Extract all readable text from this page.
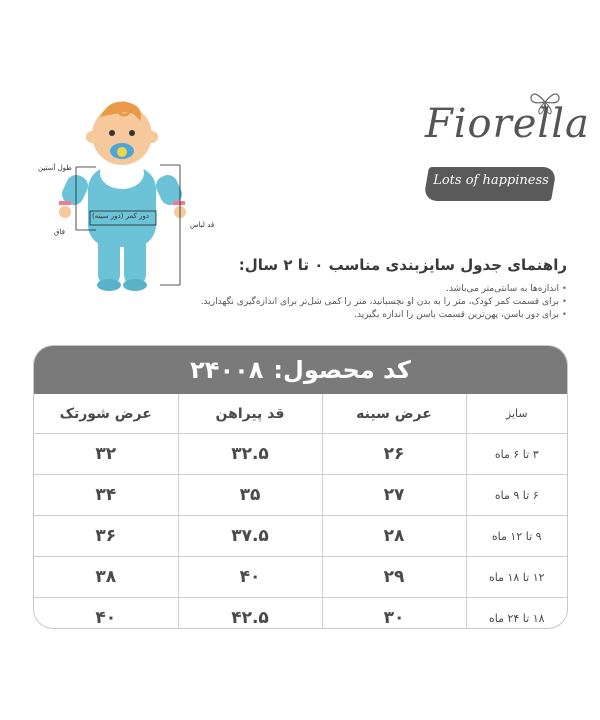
طول آستین
قد لباس
دور کمر (دور سینه)
فاق
Fiorella
Lots of happiness
راهنمای جدول سایزبندی مناسب ۰ تا ۲ سال:
• اندازه‌ها به سانتی‌متر می‌باشد.
• برای قسمت کمر کودک، متر را به بدن او نچسبانید، متر را کمی شل‌تر برای اندازه‌گیری نگهدارید.
• برای دور باسن، پهن‌ترین قسمت باسن را اندازه بگیرید.
کد محصول:
۲۴۰۰۸
سایز	عرض سینه	قد پیراهن	عرض شورتک
۳ تا ۶ ماه	۲۶	۳۲.۵	۳۲
۶ تا ۹ ماه	۲۷	۳۵	۳۴
۹ تا ۱۲ ماه	۲۸	۳۷.۵	۳۶
۱۲ تا ۱۸ ماه	۲۹	۴۰	۳۸
۱۸ تا ۲۴ ماه	۳۰	۴۲.۵	۴۰
